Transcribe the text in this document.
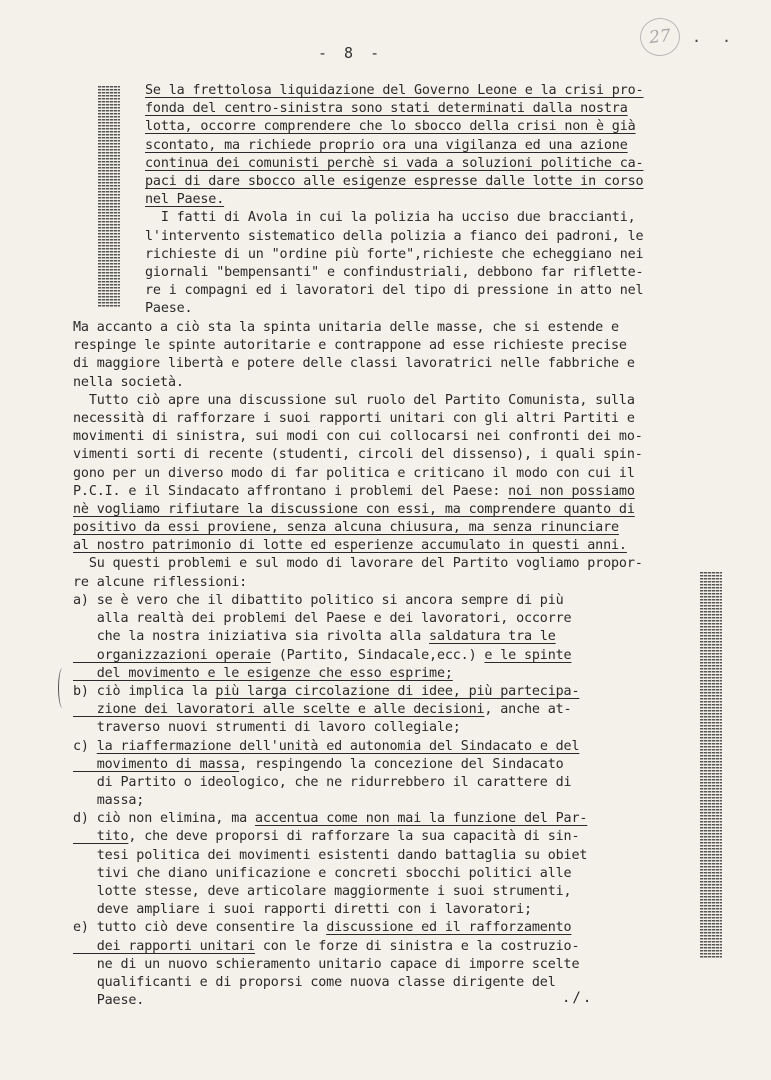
- 8 -
27	. .
Se la frettolosa liquidazione del Governo Leone e la crisi pro-
fonda del centro-sinistra sono stati determinati dalla nostra
lotta, occorre comprendere che lo sbocco della crisi non è già
scontato, ma richiede proprio ora una vigilanza ed una azione
continua dei comunisti perchè si vada a soluzioni politiche ca-
paci di dare sbocco alle esigenze espresse dalle lotte in corso
nel Paese.
I fatti di Avola in cui la polizia ha ucciso due braccianti,
l'intervento sistematico della polizia a fianco dei padroni, le
richieste di un "ordine più forte",richieste che echeggiano nei
giornali "bempensanti" e confindustriali, debbono far riflette-
re i compagni ed i lavoratori del tipo di pressione in atto nel
Paese.
Ma accanto a ciò sta la spinta unitaria delle masse, che si estende e
respinge le spinte autoritarie e contrappone ad esse richieste precise
di maggiore libertà e potere delle classi lavoratrici nelle fabbriche e
nella società.
Tutto ciò apre una discussione sul ruolo del Partito Comunista, sulla
necessità di rafforzare i suoi rapporti unitari con gli altri Partiti e
movimenti di sinistra, sui modi con cui collocarsi nei confronti dei mo-
vimenti sorti di recente (studenti, circoli del dissenso), i quali spin-
gono per un diverso modo di far politica e criticano il modo con cui il
P.C.I. e il Sindacato affrontano i problemi del Paese: noi non possiamo
nè vogliamo rifiutare la discussione con essi, ma comprendere quanto di
positivo da essi proviene, senza alcuna chiusura, ma senza rinunciare
al nostro patrimonio di lotte ed esperienze accumulato in questi anni.
Su questi problemi e sul modo di lavorare del Partito vogliamo propor-
re alcune riflessioni:
a) se è vero che il dibattito politico si ancora sempre di più
alla realtà dei problemi del Paese e dei lavoratori, occorre
che la nostra iniziativa sia rivolta alla saldatura tra le
organizzazioni operaie (Partito, Sindacale,ecc.) e le spinte
del movimento e le esigenze che esso esprime;
b) ciò implica la più larga circolazione di idee, più partecipa-
zione dei lavoratori alle scelte e alle decisioni, anche at-
traverso nuovi strumenti di lavoro collegiale;
c) la riaffermazione dell'unità ed autonomia del Sindacato e del
movimento di massa, respingendo la concezione del Sindacato
di Partito o ideologico, che ne ridurrebbero il carattere di
massa;
d) ciò non elimina, ma accentua come non mai la funzione del Par-
tito, che deve proporsi di rafforzare la sua capacità di sin-
tesi politica dei movimenti esistenti dando battaglia su obiet
tivi che diano unificazione e concreti sbocchi politici alle
lotte stesse, deve articolare maggiormente i suoi strumenti,
deve ampliare i suoi rapporti diretti con i lavoratori;
e) tutto ciò deve consentire la discussione ed il rafforzamento
dei rapporti unitari con le forze di sinistra e la costruzio-
ne di un nuovo schieramento unitario capace di imporre scelte
qualificanti e di proporsi come nuova classe dirigente del
Paese.	./.
